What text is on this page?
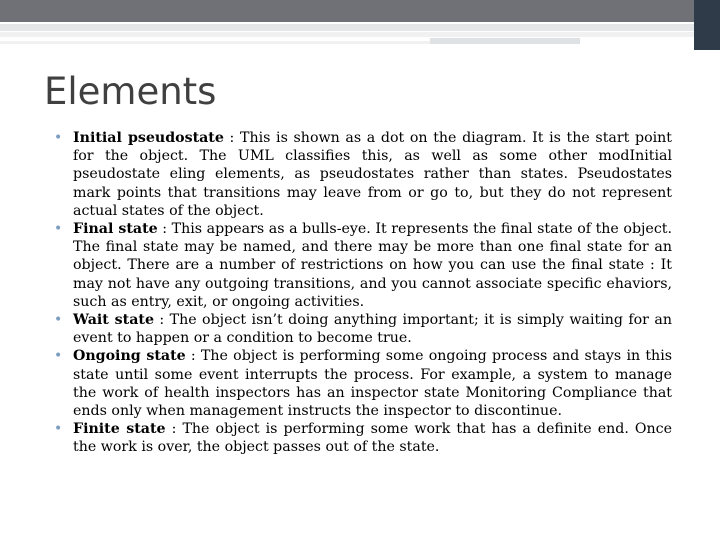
Elements
• Initial pseudostate : This is shown as a dot on the diagram. It is the start point for the object. The UML classifies this, as well as some other modInitial pseudostate eling elements, as pseudostates rather than states. Pseudostates mark points that transitions may leave from or go to, but they do not represent actual states of the object.
• Final state : This appears as a bulls-eye. It represents the final state of the object. The final state may be named, and there may be more than one final state for an object. There are a number of restrictions on how you can use the final state : It may not have any outgoing transitions, and you cannot associate specific ehaviors, such as entry, exit, or ongoing activities.
• Wait state : The object isn’t doing anything important; it is simply waiting for an event to happen or a condition to become true.
• Ongoing state : The object is performing some ongoing process and stays in this state until some event interrupts the process. For example, a system to manage the work of health inspectors has an inspector state Monitoring Compliance that ends only when management instructs the inspector to discontinue.
• Finite state : The object is performing some work that has a definite end. Once the work is over, the object passes out of the state.
